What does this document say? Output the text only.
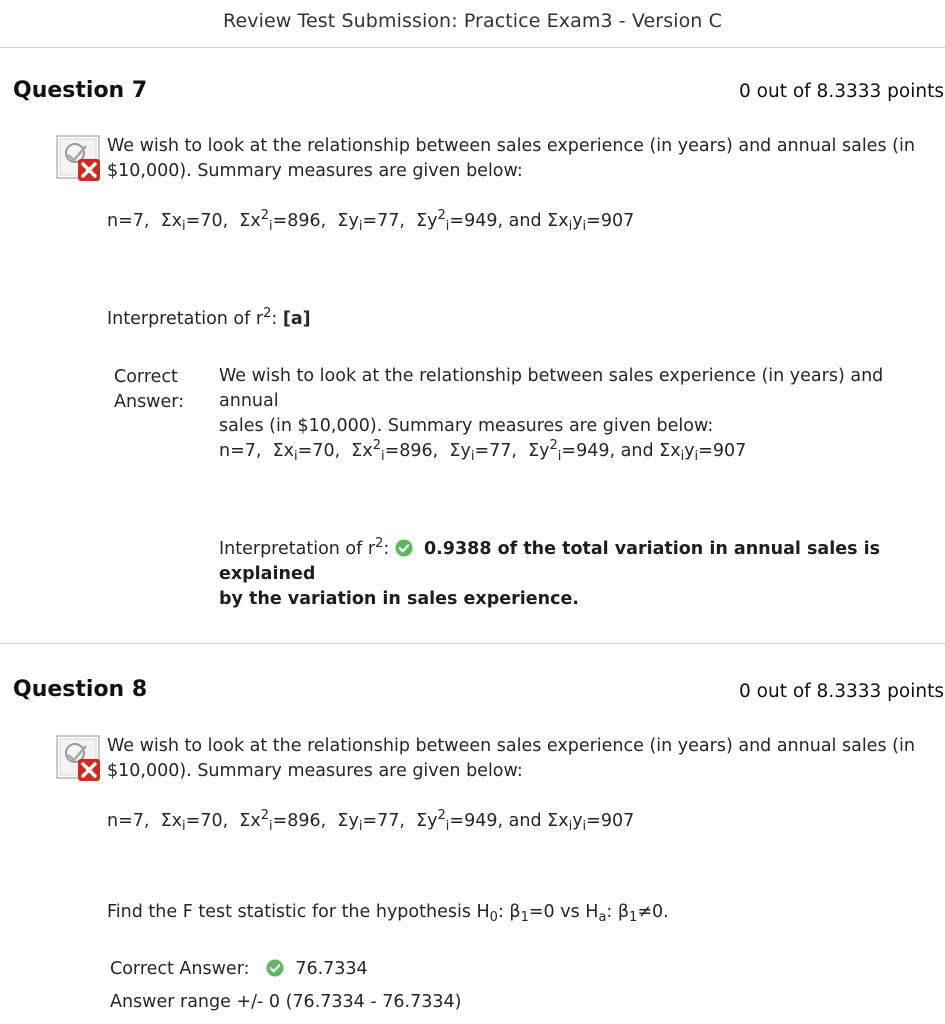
Review Test Submission: Practice Exam3 - Version C
Question 7	0 out of 8.3333 points
We wish to look at the relationship between sales experience (in years) and annual sales (in
$10,000). Summary measures are given below:
n=7, $\Sigma x_i=70$, $\Sigma x^2_i=896$, $\Sigma y_i=77$, $\Sigma y^2_i=949$, and $\Sigma x_iy_i=907$
Interpretation of $r^2$: [a]
Correct
Answer:
We wish to look at the relationship between sales experience (in years) and annual
sales (in $10,000). Summary measures are given below:
n=7, $\Sigma x_i=70$, $\Sigma x^2_i=896$, $\Sigma y_i=77$, $\Sigma y^2_i=949$, and $\Sigma x_iy_i=907$
Interpretation of $r^2$: 0.9388 of the total variation in annual sales is explained
by the variation in sales experience.
Question 8	0 out of 8.3333 points
We wish to look at the relationship between sales experience (in years) and annual sales (in
$10,000). Summary measures are given below:
n=7, $\Sigma x_i=70$, $\Sigma x^2_i=896$, $\Sigma y_i=77$, $\Sigma y^2_i=949$, and $\Sigma x_iy_i=907$
Find the F test statistic for the hypothesis $H_0$: $\beta_1=0$ vs $H_a$: $\beta_1\ne 0$.
Correct Answer:	76.7334
Answer range +/- 0 (76.7334 - 76.7334)
